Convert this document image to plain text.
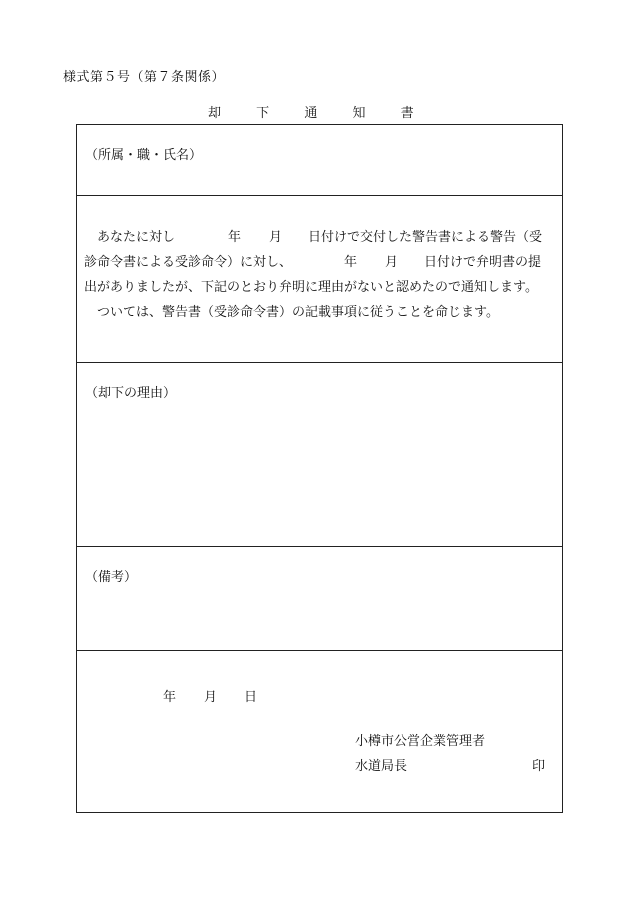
様式第５号（第７条関係）
却	下	通	知	書
（所属・職・氏名）
　あなたに対し	年 月 日付けで交付した警告書による警告（受
診命令書による受診命令）に対し、	年 月 日付けで弁明書の提
出がありましたが、下記のとおり弁明に理由がないと認めたので通知します。
　ついては、警告書（受診命令書）の記載事項に従うことを命じます。
（却下の理由）
（備考）
年 月 日
小樽市公営企業管理者
水道局長	印
